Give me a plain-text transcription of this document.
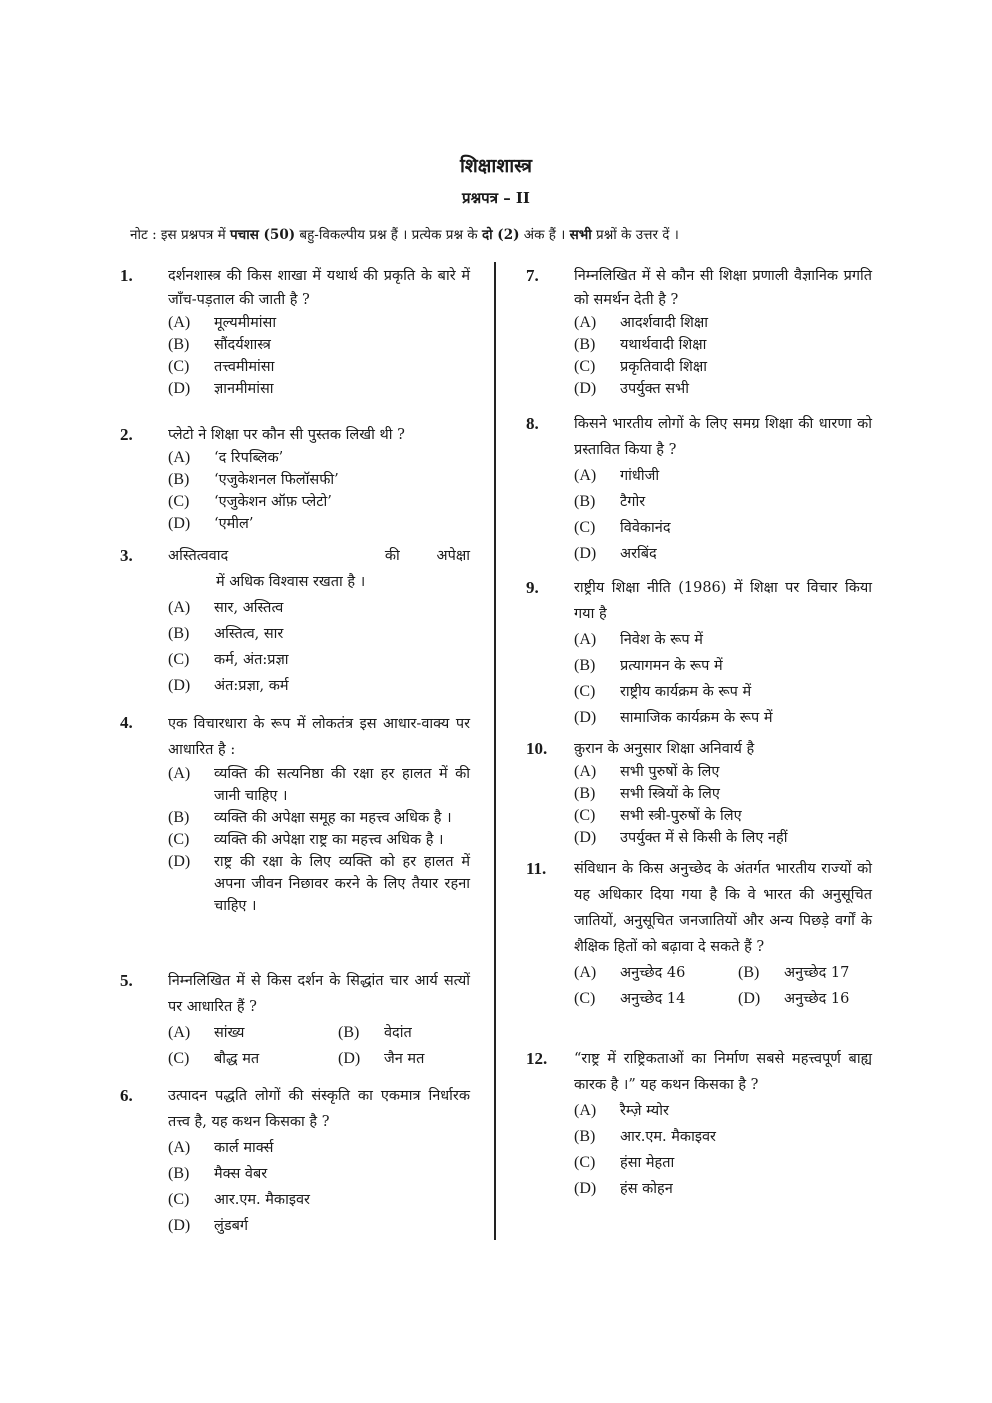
शिक्षाशास्त्र
प्रश्नपत्र – II
नोट : इस प्रश्नपत्र में पचास (50) बहु-विकल्पीय प्रश्न हैं । प्रत्येक प्रश्न के दो (2) अंक हैं । सभी प्रश्नों के उत्तर दें ।
1. दर्शनशास्त्र की किस शाखा में यथार्थ की प्रकृति के बारे में जाँच-पड़ताल की जाती है ?
(A) मूल्यमीमांसा
(B) सौंदर्यशास्त्र
(C) तत्त्वमीमांसा
(D) ज्ञानमीमांसा
2. प्लेटो ने शिक्षा पर कौन सी पुस्तक लिखी थी ?
(A) ‘द रिपब्लिक’
(B) ‘एजुकेशनल फिलॉसफी’
(C) ‘एजुकेशन ऑफ़ प्लेटो’
(D) ‘एमील’
3. अस्तित्ववाद	की	अपेक्षा
में अधिक विश्वास रखता है ।
(A) सार, अस्तित्व
(B) अस्तित्व, सार
(C) कर्म, अंत:प्रज्ञा
(D) अंत:प्रज्ञा, कर्म
4. एक विचारधारा के रूप में लोकतंत्र इस आधार-वाक्य पर आधारित है :
(A)	व्यक्ति की सत्यनिष्ठा की रक्षा हर हालत में की जानी चाहिए ।
(B)	व्यक्ति की अपेक्षा समूह का महत्त्व अधिक है ।
(C)	व्यक्ति की अपेक्षा राष्ट्र का महत्त्व अधिक है ।
(D)	राष्ट्र की रक्षा के लिए व्यक्ति को हर हालत में अपना जीवन निछावर करने के लिए तैयार रहना चाहिए ।
5. निम्नलिखित में से किस दर्शन के सिद्धांत चार आर्य सत्यों पर आधारित हैं ?
(A) सांख्य	(B) वेदांत
(C) बौद्ध मत	(D) जैन मत
6. उत्पादन पद्धति लोगों की संस्कृति का एकमात्र निर्धारक तत्त्व है, यह कथन किसका है ?
(A) कार्ल मार्क्स
(B) मैक्स वेबर
(C) आर.एम. मैकाइवर
(D) लुंडबर्ग
7. निम्नलिखित में से कौन सी शिक्षा प्रणाली वैज्ञानिक प्रगति को समर्थन देती है ?
(A) आदर्शवादी शिक्षा
(B) यथार्थवादी शिक्षा
(C) प्रकृतिवादी शिक्षा
(D) उपर्युक्त सभी
8. किसने भारतीय लोगों के लिए समग्र शिक्षा की धारणा को प्रस्तावित किया है ?
(A) गांधीजी
(B) टैगोर
(C) विवेकानंद
(D) अरबिंद
9. राष्ट्रीय शिक्षा नीति (1986) में शिक्षा पर विचार किया गया है
(A) निवेश के रूप में
(B) प्रत्यागमन के रूप में
(C) राष्ट्रीय कार्यक्रम के रूप में
(D) सामाजिक कार्यक्रम के रूप में
10. क़ुरान के अनुसार शिक्षा अनिवार्य है
(A) सभी पुरुषों के लिए
(B) सभी स्त्रियों के लिए
(C) सभी स्त्री-पुरुषों के लिए
(D) उपर्युक्त में से किसी के लिए नहीं
11. संविधान के किस अनुच्छेद के अंतर्गत भारतीय राज्यों को यह अधिकार दिया गया है कि वे भारत की अनुसूचित जातियों, अनुसूचित जनजातियों और अन्य पिछड़े वर्गों के शैक्षिक हितों को बढ़ावा दे सकते हैं ?
(A) अनुच्छेद 46	(B) अनुच्छेद 17
(C) अनुच्छेद 14	(D) अनुच्छेद 16
12. “राष्ट्र में राष्ट्रिकताओं का निर्माण सबसे महत्त्वपूर्ण बाह्य कारक है ।” यह कथन किसका है ?
(A) रैम्ज़े म्योर
(B) आर.एम. मैकाइवर
(C) हंसा मेहता
(D) हंस कोहन
